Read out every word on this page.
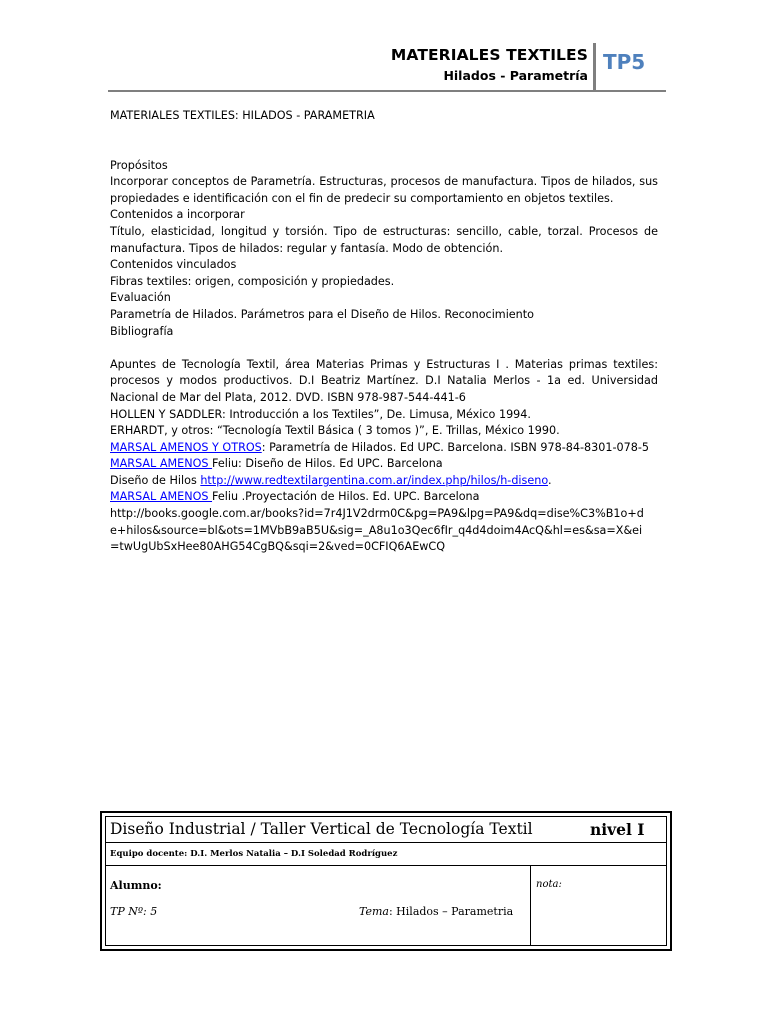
MATERIALES TEXTILES
Hilados - Parametría
TP5

MATERIALES TEXTILES: HILADOS - PARAMETRIA

Propósitos

Incorporar conceptos de Parametría. Estructuras, procesos de manufactura. Tipos de hilados, sus propiedades e identificación con el fin de predecir su comportamiento en objetos textiles.

Contenidos a incorporar

Título, elasticidad, longitud y torsión. Tipo de estructuras: sencillo, cable, torzal. Procesos de manufactura. Tipos de hilados: regular y fantasía. Modo de obtención.

Contenidos vinculados

Fibras textiles: origen, composición y propiedades.

Evaluación

Parametría de Hilados. Parámetros para el Diseño de Hilos. Reconocimiento

Bibliografía

Apuntes de Tecnología Textil, área Materias Primas y Estructuras I . Materias primas textiles: procesos y modos productivos. D.I Beatriz Martínez. D.I Natalia Merlos - 1a ed. Universidad Nacional de Mar del Plata, 2012. DVD. ISBN 978-987-544-441-6

HOLLEN Y SADDLER: Introducción a los Textiles”, De. Limusa, México 1994.

ERHARDT, y otros: “Tecnología Textil Básica ( 3 tomos )”, E. Trillas, México 1990.

MARSAL AMENOS Y OTROS: Parametría de Hilados. Ed UPC. Barcelona. ISBN 978-84-8301-078-5

MARSAL AMENOS Feliu: Diseño de Hilos. Ed UPC. Barcelona

Diseño de Hilos http://www.redtextilargentina.com.ar/index.php/hilos/h-diseno.

MARSAL AMENOS Feliu .Proyectación de Hilos. Ed. UPC. Barcelona

http://books.google.com.ar/books?id=7r4J1V2drm0C&pg=PA9&lpg=PA9&dq=dise%C3%B1o+d

e+hilos&source=bl&ots=1MVbB9aB5U&sig=_A8u1o3Qec6fIr_q4d4doim4AcQ&hl=es&sa=X&ei

=twUgUbSxHee80AHG54CgBQ&sqi=2&ved=0CFIQ6AEwCQ

Diseño Industrial / Taller Vertical de Tecnología Textil	nivel I
Equipo docente: D.I. Merlos Natalia – D.I Soledad Rodríguez
Alumno:	nota:
TP Nº: 5	Tema: Hilados – Parametria
